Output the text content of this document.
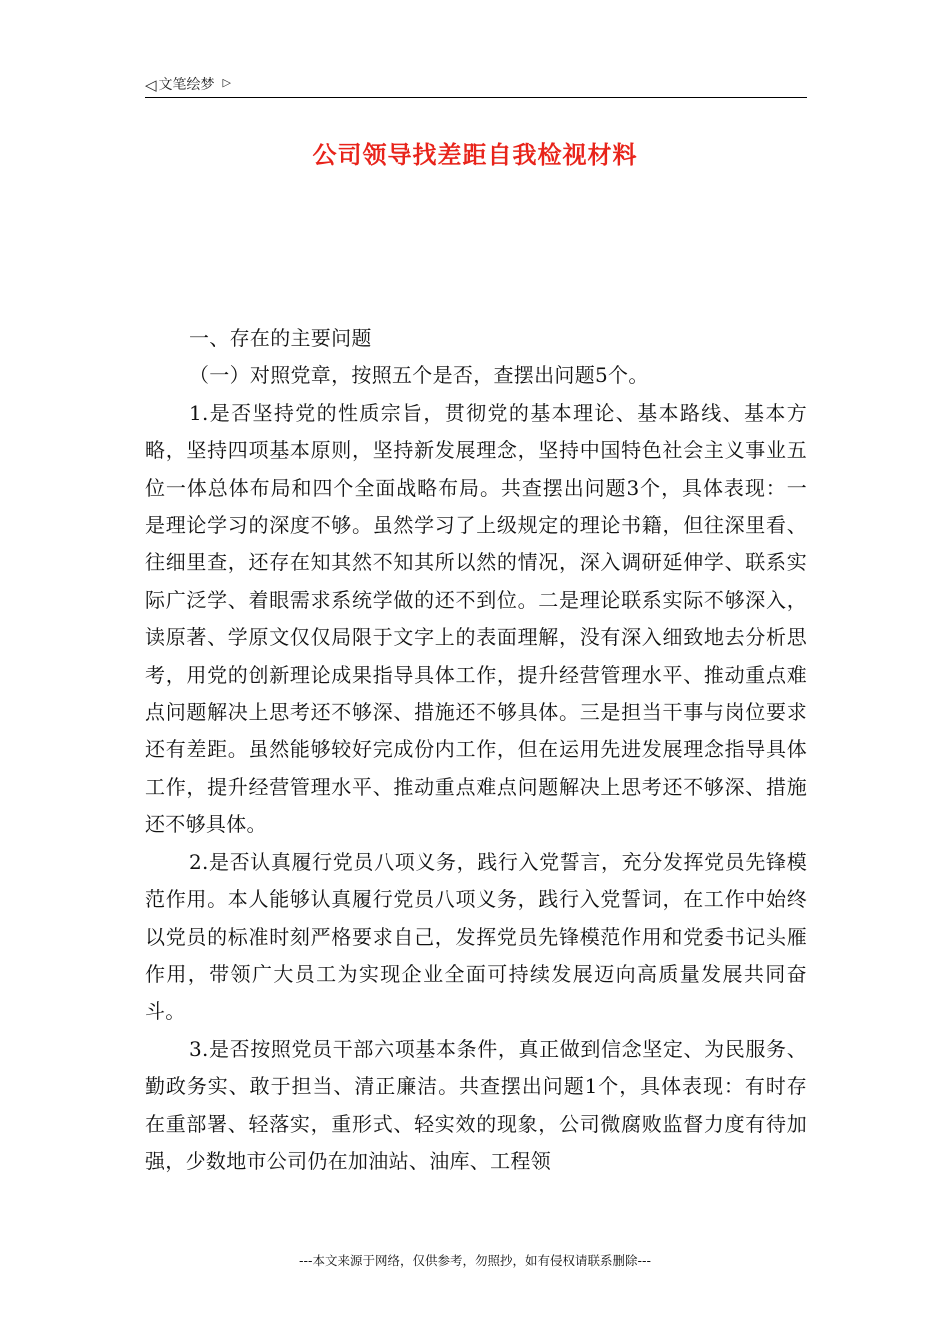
◁ 文笔绘梦 ▷
公司领导找差距自我检视材料

一、存在的主要问题

（一）对照党章，按照五个是否，查摆出问题5个。

1.是否坚持党的性质宗旨，贯彻党的基本理论、基本路线、基本方略，坚持四项基本原则，坚持新发展理念，坚持中国特色社会主义事业五位一体总体布局和四个全面战略布局。共查摆出问题3个，具体表现：一是理论学习的深度不够。虽然学习了上级规定的理论书籍，但往深里看、往细里查，还存在知其然不知其所以然的情况，深入调研延伸学、联系实际广泛学、着眼需求系统学做的还不到位。二是理论联系实际不够深入，读原著、学原文仅仅局限于文字上的表面理解，没有深入细致地去分析思考，用党的创新理论成果指导具体工作，提升经营管理水平、推动重点难点问题解决上思考还不够深、措施还不够具体。三是担当干事与岗位要求还有差距。虽然能够较好完成份内工作，但在运用先进发展理念指导具体工作，提升经营管理水平、推动重点难点问题解决上思考还不够深、措施还不够具体。

2.是否认真履行党员八项义务，践行入党誓言，充分发挥党员先锋模范作用。本人能够认真履行党员八项义务，践行入党誓词，在工作中始终以党员的标准时刻严格要求自己，发挥党员先锋模范作用和党委书记头雁作用，带领广大员工为实现企业全面可持续发展迈向高质量发展共同奋斗。

3.是否按照党员干部六项基本条件，真正做到信念坚定、为民服务、勤政务实、敢于担当、清正廉洁。共查摆出问题1个，具体表现：有时存在重部署、轻落实，重形式、轻实效的现象，公司微腐败监督力度有待加强，少数地市公司仍在加油站、油库、工程领

---本文来源于网络，仅供参考，勿照抄，如有侵权请联系删除---
